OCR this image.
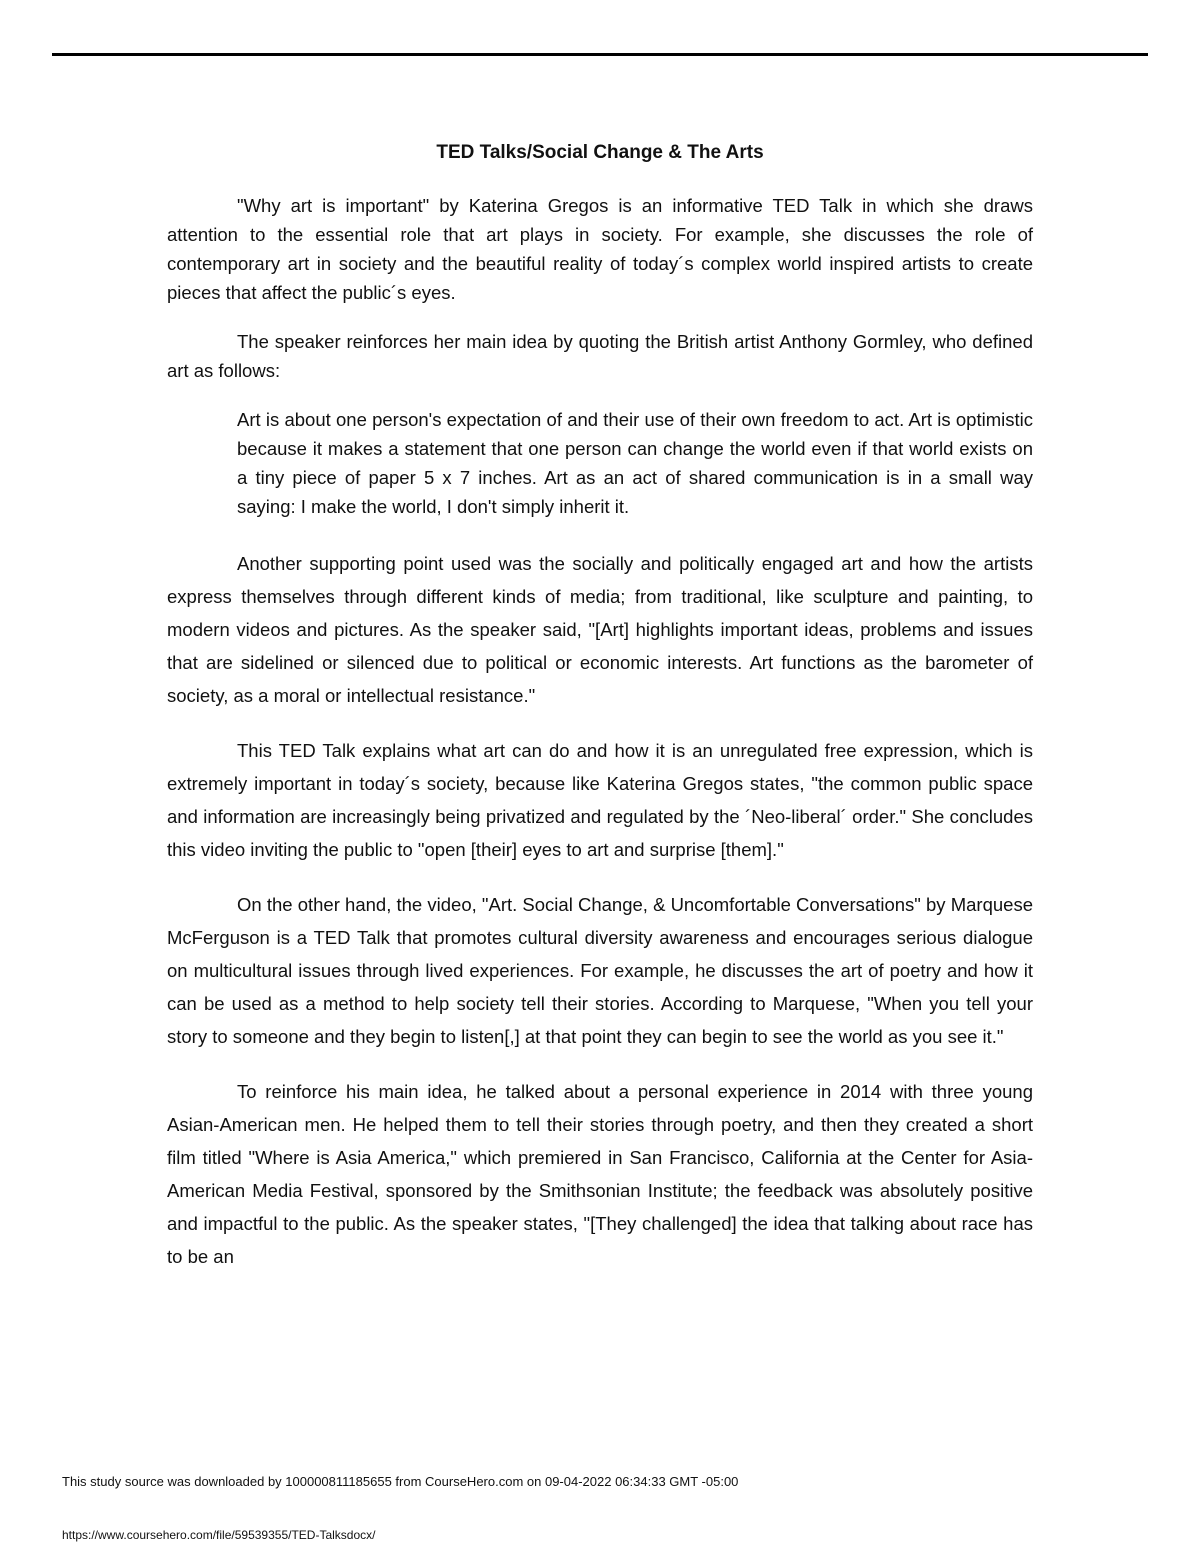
TED Talks/Social Change & The Arts

"Why art is important" by Katerina Gregos is an informative TED Talk in which she draws attention to the essential role that art plays in society. For example, she discusses the role of contemporary art in society and the beautiful reality of today´s complex world inspired artists to create pieces that affect the public´s eyes.

The speaker reinforces her main idea by quoting the British artist Anthony Gormley, who defined art as follows:

Art is about one person's expectation of and their use of their own freedom to act. Art is optimistic because it makes a statement that one person can change the world even if that world exists on a tiny piece of paper 5 x 7 inches. Art as an act of shared communication is in a small way saying: I make the world, I don't simply inherit it.

Another supporting point used was the socially and politically engaged art and how the artists express themselves through different kinds of media; from traditional, like sculpture and painting, to modern videos and pictures. As the speaker said, "[Art] highlights important ideas, problems and issues that are sidelined or silenced due to political or economic interests. Art functions as the barometer of society, as a moral or intellectual resistance."

This TED Talk explains what art can do and how it is an unregulated free expression, which is extremely important in today´s society, because like Katerina Gregos states, "the common public space and information are increasingly being privatized and regulated by the ´Neo-liberal´ order." She concludes this video inviting the public to "open [their] eyes to art and surprise [them]."

On the other hand, the video, "Art. Social Change, & Uncomfortable Conversations" by Marquese McFerguson is a TED Talk that promotes cultural diversity awareness and encourages serious dialogue on multicultural issues through lived experiences. For example, he discusses the art of poetry and how it can be used as a method to help society tell their stories. According to Marquese, "When you tell your story to someone and they begin to listen[,] at that point they can begin to see the world as you see it."

To reinforce his main idea, he talked about a personal experience in 2014 with three young Asian-American men. He helped them to tell their stories through poetry, and then they created a short film titled "Where is Asia America," which premiered in San Francisco, California at the Center for Asia-American Media Festival, sponsored by the Smithsonian Institute; the feedback was absolutely positive and impactful to the public. As the speaker states, "[They challenged] the idea that talking about race has to be an

This study source was downloaded by 100000811185655 from CourseHero.com on 09-04-2022 06:34:33 GMT -05:00
https://www.coursehero.com/file/59539355/TED-Talksdocx/
